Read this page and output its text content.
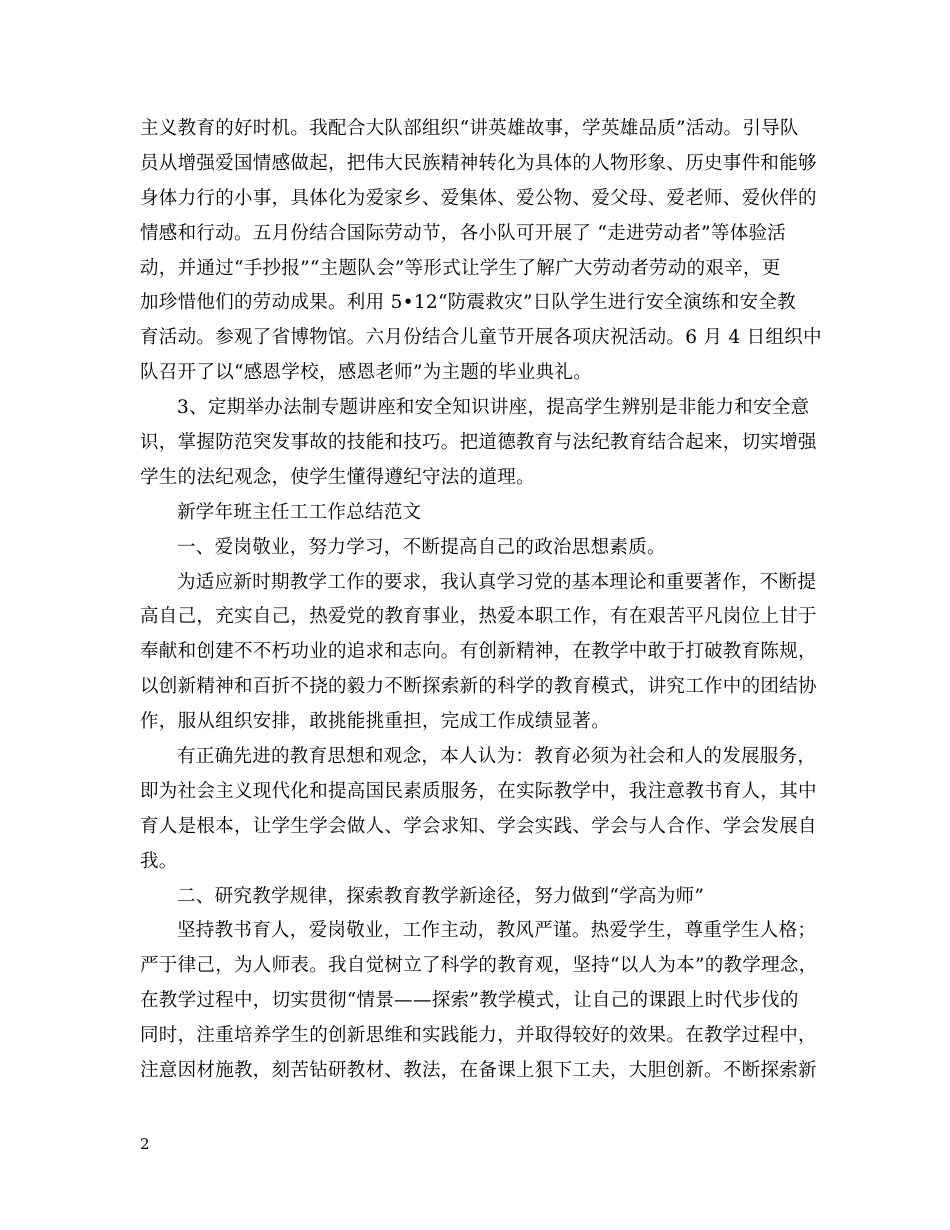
主义教育的好时机。我配合大队部组织“讲英雄故事，学英雄品质”活动。引导队
员从增强爱国情感做起，把伟大民族精神转化为具体的人物形象、历史事件和能够
身体力行的小事，具体化为爱家乡、爱集体、爱公物、爱父母、爱老师、爱伙伴的
情感和行动。五月份结合国际劳动节，各小队可开展了 “走进劳动者”等体验活
动，并通过“手抄报”“主题队会”等形式让学生了解广大劳动者劳动的艰辛，更
加珍惜他们的劳动成果。利用 5•12“防震救灾”日队学生进行安全演练和安全教
育活动。参观了省博物馆。六月份结合儿童节开展各项庆祝活动。6 月 4 日组织中
队召开了以“感恩学校，感恩老师”为主题的毕业典礼。
3、定期举办法制专题讲座和安全知识讲座，提高学生辨别是非能力和安全意
识，掌握防范突发事故的技能和技巧。把道德教育与法纪教育结合起来，切实增强
学生的法纪观念，使学生懂得遵纪守法的道理。
新学年班主任工工作总结范文
一、爱岗敬业，努力学习，不断提高自己的政治思想素质。
为适应新时期教学工作的要求，我认真学习党的基本理论和重要著作，不断提
高自己，充实自己，热爱党的教育事业，热爱本职工作，有在艰苦平凡岗位上甘于
奉献和创建不不朽功业的追求和志向。有创新精神，在教学中敢于打破教育陈规，
以创新精神和百折不挠的毅力不断探索新的科学的教育模式，讲究工作中的团结协
作，服从组织安排，敢挑能挑重担，完成工作成绩显著。
有正确先进的教育思想和观念，本人认为：教育必须为社会和人的发展服务，
即为社会主义现代化和提高国民素质服务，在实际教学中，我注意教书育人，其中
育人是根本，让学生学会做人、学会求知、学会实践、学会与人合作、学会发展自
我。
二、研究教学规律，探索教育教学新途径，努力做到“学高为师”
坚持教书育人，爱岗敬业，工作主动，教风严谨。热爱学生，尊重学生人格；
严于律己，为人师表。我自觉树立了科学的教育观，坚持“以人为本”的教学理念，
在教学过程中，切实贯彻“情景——探索”教学模式，让自己的课跟上时代步伐的
同时，注重培养学生的创新思维和实践能力，并取得较好的效果。在教学过程中，
注意因材施教，刻苦钻研教材、教法，在备课上狠下工夫，大胆创新。不断探索新
2
